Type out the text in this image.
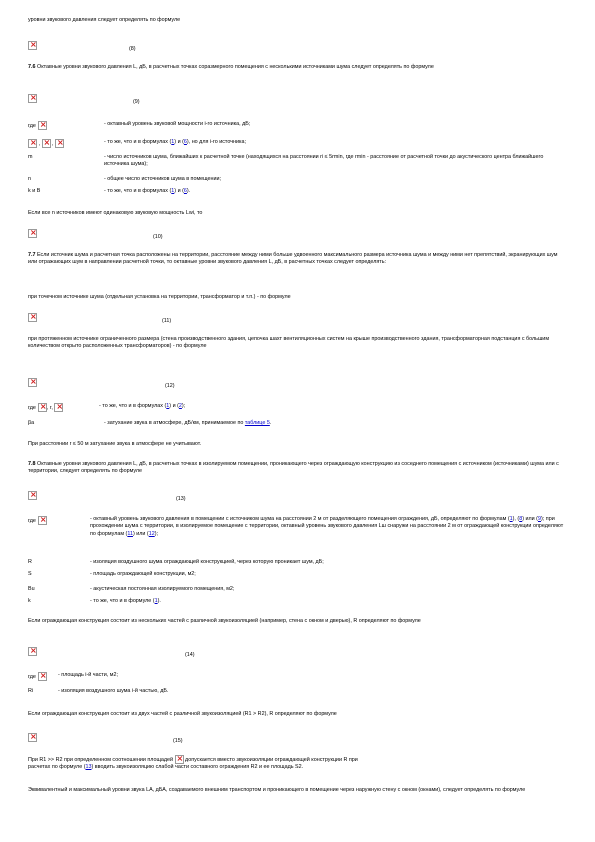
уровни звукового давления следует определять по формуле

×
(8)

7.6 Октавные уровни звукового давления L, дБ, в расчетных точках соразмерного помещения с несколькими источниками шума следует определять по формуле

×
(9)
где ×	- октавный уровень звуковой мощности i-го источника, дБ;
× , × , ×	- то же, что и в формулах (1) и (6), но для i-го источника;
m	- число источников шума, ближайших к расчетной точке (находящихся на расстоянии ri ≤ 5rmin, где rmin - расстояние от расчетной точки до акустического центра ближайшего источника шума);
n	- общее число источников шума в помещении;
k и B	- то же, что и в формулах (1) и (6).

Если все n источников имеют одинаковую звуковую мощность Lwi, то

×
(10)

7.7 Если источник шума и расчетная точка расположены на территории, расстояние между ними больше удвоенного максимального размера источника шума и между ними нет препятствий, экранирующих шум или отражающих шум в направлении расчетной точки, то октавные уровни звукового давления L, дБ, в расчетных точках следует определять:

при точечном источнике шума (отдельная установка на территории, трансформатор и т.п.) - по формуле

×
(11)

при протяженном источнике ограниченного размера (стена производственного здания, цепочка шахт вентиляционных систем на крыше производственного здания, трансформаторная подстанция с большим количеством открыто расположенных трансформаторов) - по формуле

×
(12)
где × , r, ×	- то же, что и в формулах (1) и (2);
βа	- затухание звука в атмосфере, дБ/км, принимаемое по таблице 5.

При расстоянии r ≤ 50 м затухание звука в атмосфере не учитывают.

7.8 Октавные уровни звукового давления L, дБ, в расчетных точках в изолируемом помещении, проникающего через ограждающую конструкцию из соседнего помещения с источником (источниками) шума или с территории, следует определять по формуле

×
(13)
где ×	- октавный уровень звукового давления в помещении с источником шума на расстоянии 2 м от разделяющего помещения ограждения, дБ, определяют по формулам (1), (8) или (9); при прохождении шума с территории, в изолируемое помещение с территории, октавный уровень звукового давления Lш снаружи на расстоянии 2 м от ограждающей конструкции определяют по формулам (11) или (12);
R	- изоляция воздушного шума ограждающей конструкцией, через которую проникает шум, дБ;
S	- площадь ограждающей конструкции, м2;
Bu	- акустическая постоянная изолируемого помещения, м2;
k	- то же, что и в формуле (1).

Если ограждающая конструкция состоит из нескольких частей с различной звукоизоляцией (например, стена с окном и дверью), R определяют по формуле

×
(14)
где ×	- площадь i-й части, м2;
Ri	- изоляция воздушного шума i-й частью, дБ.

Если ограждающая конструкция состоит из двух частей с различной звукоизоляцией (R1 > R2), R определяют по формуле

×
(15)

При R1 >> R2 при определенном соотношении площадей × допускается вместо звукоизоляции ограждающей конструкции R при

расчетах по формуле (13) вводить звукоизоляцию слабой части составного ограждения R2 и ее площадь S2.

Эквивалентный и максимальный уровни звука LA, дБА, создаваемого внешним транспортом и проникающего в помещение через наружную стену с окном (окнами), следует определять по формуле
